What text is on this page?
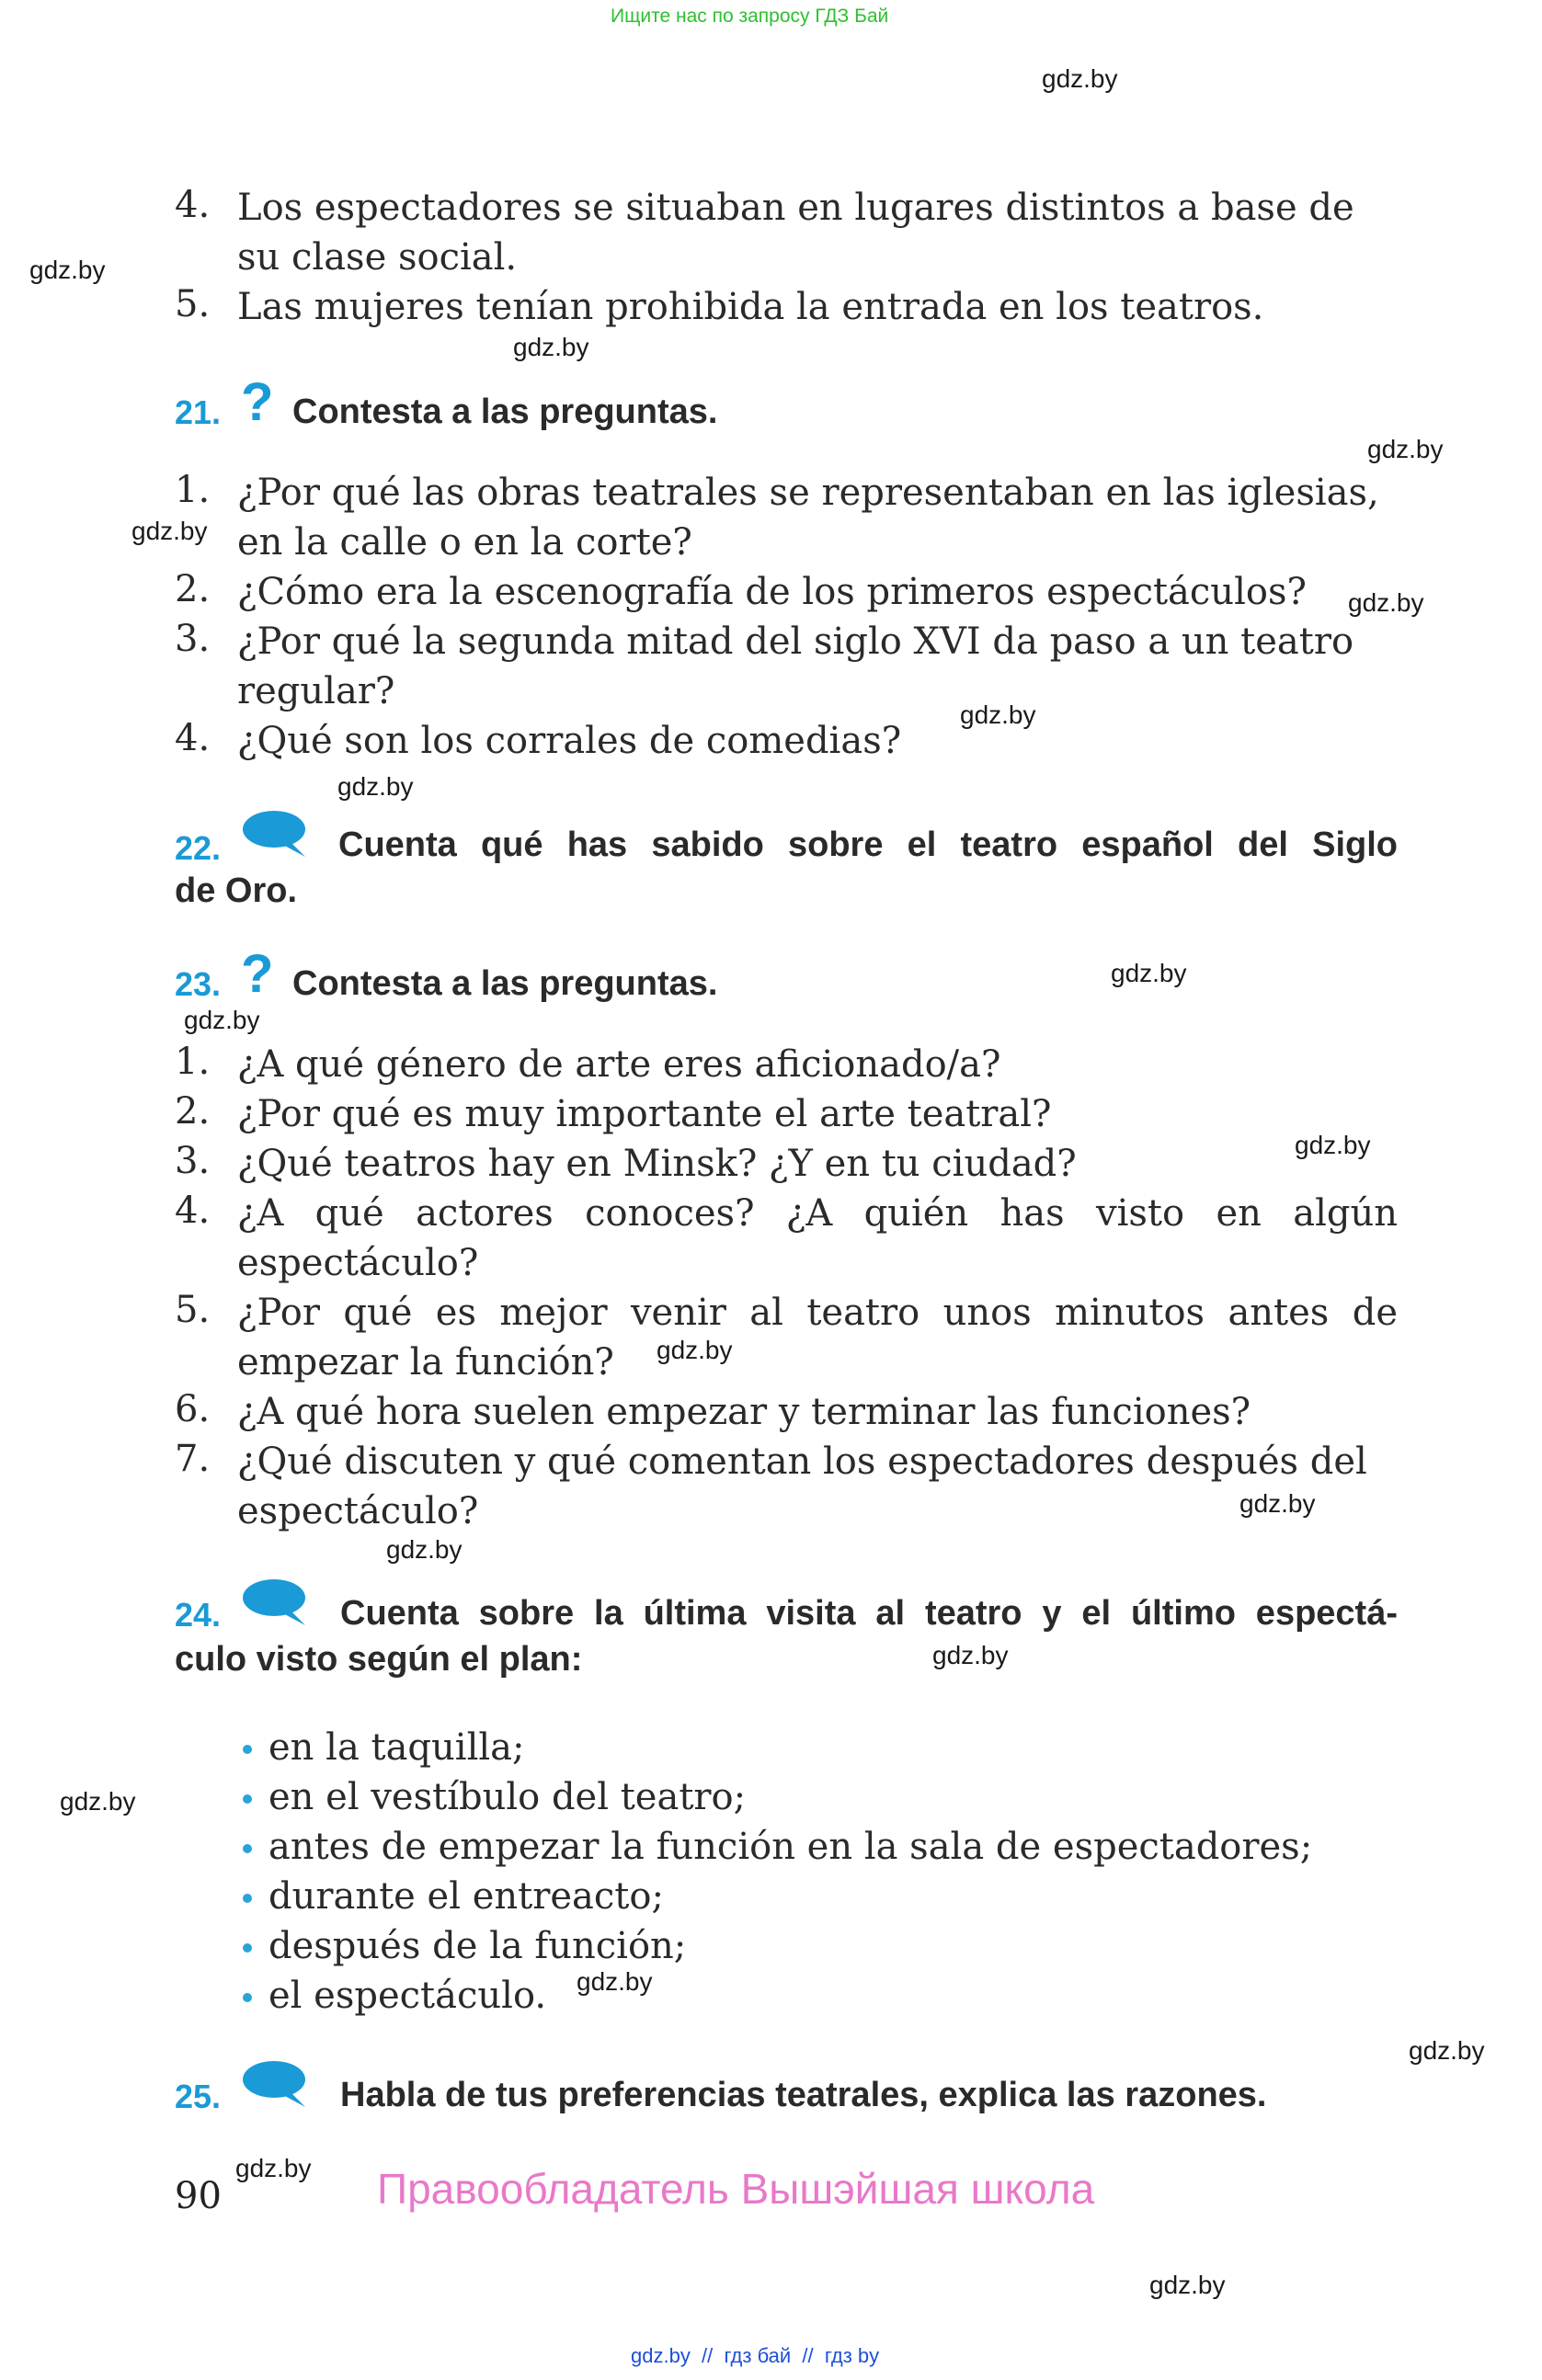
Ищите нас по запросу ГДЗ Бай
gdz.by
gdz.by
gdz.by
gdz.by
gdz.by
gdz.by
gdz.by
gdz.by
gdz.by
gdz.by
gdz.by
gdz.by
gdz.by
gdz.by
gdz.by
gdz.by
gdz.by
gdz.by
gdz.by
gdz.by
4. Los espectadores se situaban en lugares distintos a base de
su clase social.
5. Las mujeres tenían prohibida la entrada en los teatros.
21. ? Contesta a las preguntas.
1. ¿Por qué las obras teatrales se representaban en las iglesias,
en la calle o en la corte?
2. ¿Cómo era la escenografía de los primeros espectáculos?
3. ¿Por qué la segunda mitad del siglo XVI da paso a un teatro
regular?
4. ¿Qué son los corrales de comedias?
22.	Cuenta qué has sabido sobre el teatro español del Siglo
de Oro.
23. ? Contesta a las preguntas.
1. ¿A qué género de arte eres aficionado/a?
2. ¿Por qué es muy importante el arte teatral?
3. ¿Qué teatros hay en Minsk? ¿Y en tu ciudad?
4. ¿A qué actores conoces? ¿A quién has visto en algún
espectáculo?
5. ¿Por qué es mejor venir al teatro unos minutos antes de
empezar la función?
6. ¿A qué hora suelen empezar y terminar las funciones?
7. ¿Qué discuten y qué comentan los espectadores después del
espectáculo?
24.	Cuenta sobre la última visita al teatro y el último espectá-
culo visto según el plan:
en la taquilla;
en el vestíbulo del teatro;
antes de empezar la función en la sala de espectadores;
durante el entreacto;
después de la función;
el espectáculo.
25.	Habla de tus preferencias teatrales, explica las razones.
90	Правообладатель Вышэйшая школа
gdz.by  //  гдз бай  //  гдз by
